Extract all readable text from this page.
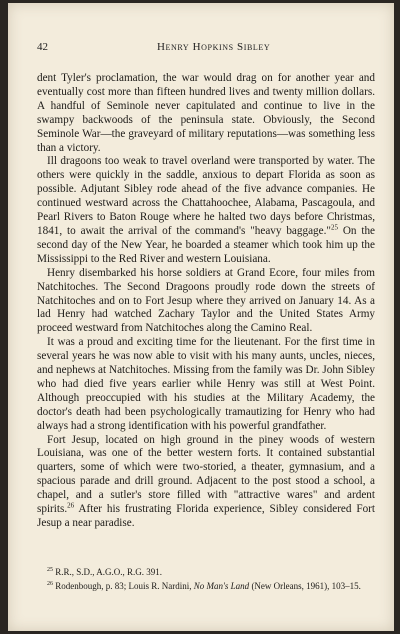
42	Henry Hopkins Sibley

dent Tyler's proclamation, the war would drag on for another year and eventually cost more than fifteen hundred lives and twenty million dollars. A handful of Seminole never capitulated and continue to live in the swampy backwoods of the peninsula state. Obviously, the Second Seminole War—the graveyard of military reputations—was something less than a victory.

Ill dragoons too weak to travel overland were transported by water. The others were quickly in the saddle, anxious to depart Florida as soon as possible. Adjutant Sibley rode ahead of the five advance companies. He continued westward across the Chattahoochee, Alabama, Pascagoula, and Pearl Rivers to Baton Rouge where he halted two days before Christmas, 1841, to await the arrival of the command's "heavy baggage."$^{25}$ On the second day of the New Year, he boarded a steamer which took him up the Mississippi to the Red River and western Louisiana.

Henry disembarked his horse soldiers at Grand Ecore, four miles from Natchitoches. The Second Dragoons proudly rode down the streets of Natchitoches and on to Fort Jesup where they arrived on January 14. As a lad Henry had watched Zachary Taylor and the United States Army proceed westward from Natchitoches along the Camino Real.

It was a proud and exciting time for the lieutenant. For the first time in several years he was now able to visit with his many aunts, uncles, nieces, and nephews at Natchitoches. Missing from the family was Dr. John Sibley who had died five years earlier while Henry was still at West Point. Although preoccupied with his studies at the Military Academy, the doctor's death had been psychologically tramautizing for Henry who had always had a strong identification with his powerful grandfather.

Fort Jesup, located on high ground in the piney woods of western Louisiana, was one of the better western forts. It contained substantial quarters, some of which were two-storied, a theater, gymnasium, and a spacious parade and drill ground. Adjacent to the post stood a school, a chapel, and a sutler's store filled with "attractive wares" and ardent spirits.$^{26}$ After his frustrating Florida experience, Sibley considered Fort Jesup a near paradise.

$^{25}$ R.R., S.D., A.G.O., R.G. 391.

$^{26}$ Rodenbough, p. 83; Louis R. Nardini, No Man's Land (New Orleans, 1961), 103–15.
